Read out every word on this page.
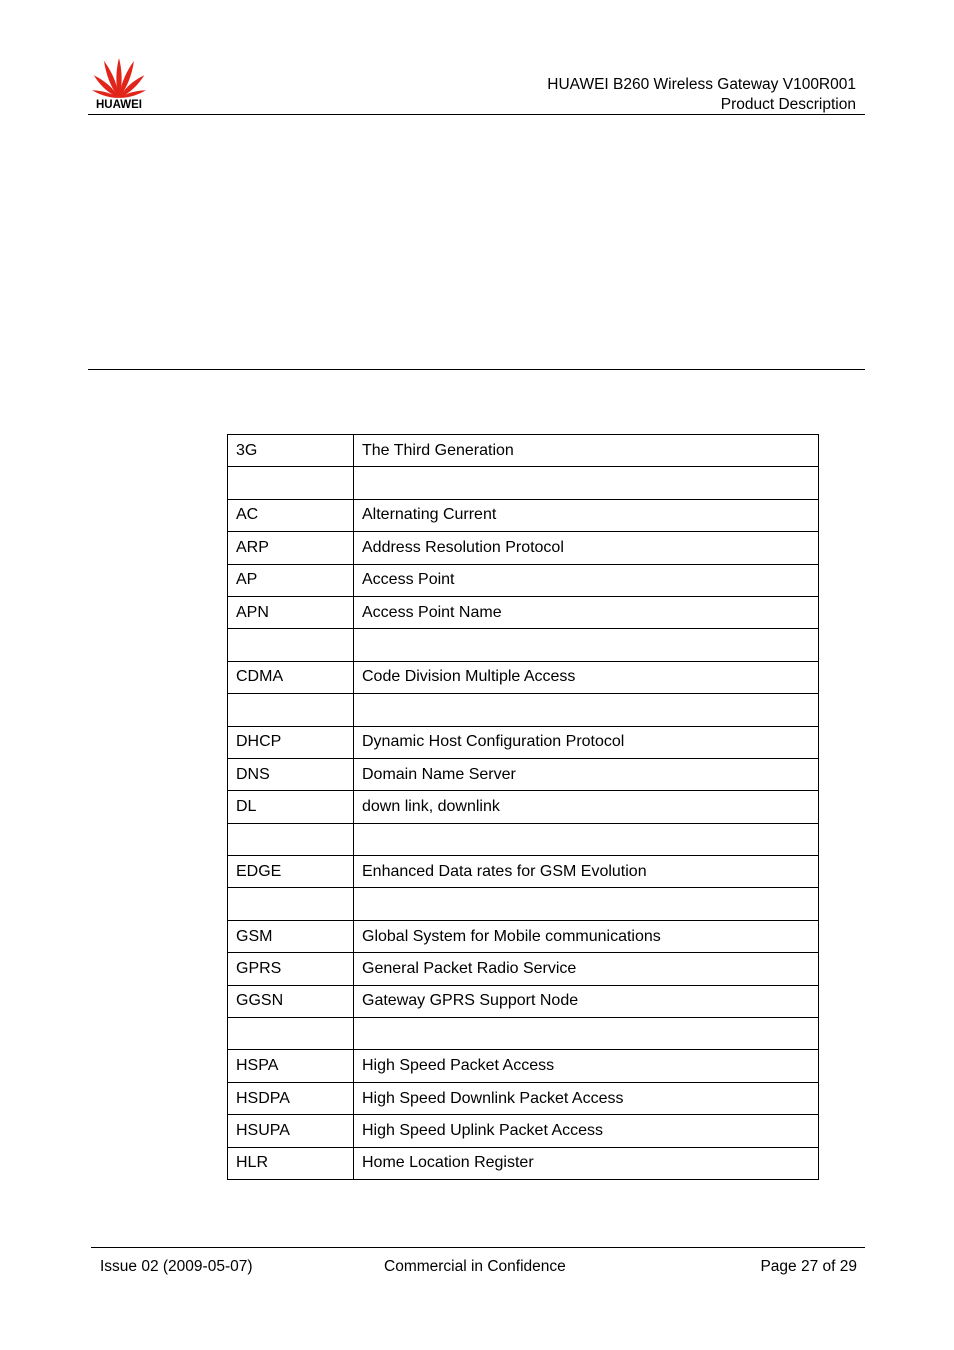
HUAWEI
HUAWEI B260 Wireless Gateway V100R001
Product Description
3G	The Third Generation

AC	Alternating Current
ARP	Address Resolution Protocol
AP	Access Point
APN	Access Point Name

CDMA	Code Division Multiple Access

DHCP	Dynamic Host Configuration Protocol
DNS	Domain Name Server
DL	down link, downlink

EDGE	Enhanced Data rates for GSM Evolution

GSM	Global System for Mobile communications
GPRS	General Packet Radio Service
GGSN	Gateway GPRS Support Node

HSPA	High Speed Packet Access
HSDPA	High Speed Downlink Packet Access
HSUPA	High Speed Uplink Packet Access
HLR	Home Location Register
Issue 02 (2009-05-07)	Commercial in Confidence	Page 27 of 29
